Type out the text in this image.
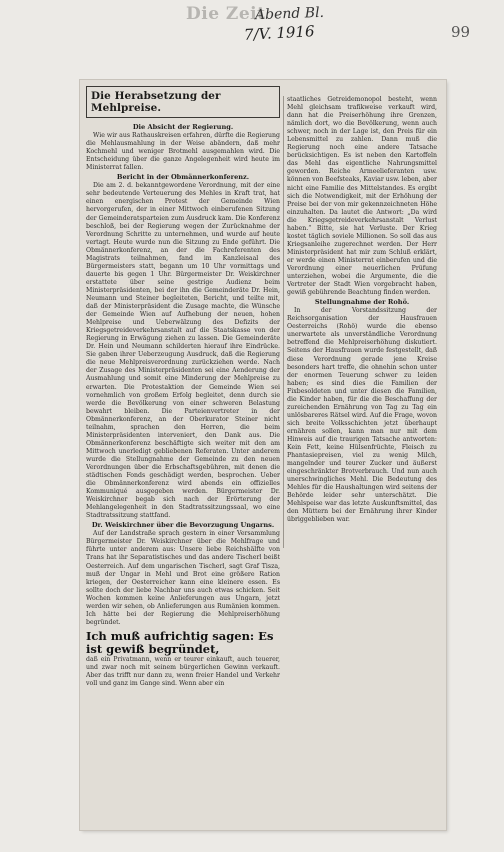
Die Zeit
Abend Bl.
7/V. 1916	99
Die Herabsetzung der Mehlpreise.
Die Absicht der Regierung.

Wie wir aus Rathauskreisen erfahren, dürfte die Regierung die Mehlausmahlung in der Weise abändern, daß mehr Kochmehl und weniger Brotmehl ausgemahlen wird. Die Entscheidung über die ganze Angelegenheit wird heute im Ministerrat fallen.

Bericht in der Obmännerkonferenz.

Die am 2. d. bekanntgewordene Verordnung, mit der eine sehr bedeutende Verteuerung des Mehles in Kraft trat, hat einen energischen Protest der Gemeinde Wien hervorgerufen, der in einer Mittwoch einberufenen Sitzung der Gemeinderatsparteien zum Ausdruck kam. Die Konferenz beschloß, bei der Regierung wegen der Zurücknahme der Verordnung Schritte zu unternehmen, und wurde auf heute vertagt. Heute wurde nun die Sitzung zu Ende geführt. Die Obmännerkonferenz, an der die Fachreferenten des Magistrats teilnahmen, fand im Kanzleisaal des Bürgermeisters statt, begann um 10 Uhr vormittags und dauerte bis gegen 1 Uhr. Bürgermeister Dr. Weiskirchner erstattete über seine gestrige Audienz beim Ministerpräsidenten, bei der ihn die Gemeinderäte Dr. Hein, Neumann und Steiner begleiteten, Bericht, und teilte mit, daß der Ministerpräsident die Zusage machte, die Wünsche der Gemeinde Wien auf Aufhebung der neuen, hohen Mehlpreise und Ueberwälzung des Defizits der Kriegsgetreideverkehrsanstalt auf die Staatskasse von der Regierung in Erwägung ziehen zu lassen. Die Gemeinderäte Dr. Hein und Neumann schilderten hierauf ihre Eindrücke. Sie gaben ihrer Ueberzeugung Ausdruck, daß die Regierung die neue Mehlpreisverordnung zurückziehen werde. Nach der Zusage des Ministerpräsidenten sei eine Aenderung der Ausmahlung und somit eine Minderung der Mehlpreise zu erwarten. Die Protestaktion der Gemeinde Wien sei vornehmlich von großem Erfolg begleitet, denn durch sie werde die Bevölkerung von einer schweren Belastung bewahrt bleiben. Die Parteienvertreter in der Obmännerkonferenz, an der Oberkurator Steiner nicht teilnahm, sprachen den Herren, die beim Ministerpräsidenten interveniert, den Dank aus. Die Obmännerkonferenz beschäftigte sich weiter mit den am Mittwoch unerledigt gebliebenen Referaten. Unter anderem wurde die Stellungnahme der Gemeinde zu den neuen Verordnungen über die Erbschaftsgebühren, mit denen die städtischen Fonds geschädigt werden, besprochen. Ueber die Obmännerkonferenz wird abends ein offizielles Kommuniqué ausgegeben werden. Bürgermeister Dr. Weiskirchner begab sich nach der Erörterung der Mehlangelegenheit in den Stadtratssitzungssaal, wo eine Stadtratssitzung stattfand.

Dr. Weiskirchner über die Bevorzugung Ungarns.

Auf der Landstraße sprach gestern in einer Versammlung Bürgermeister Dr. Weiskirchner über die Mehlfrage und führte unter anderem aus: Unsere liebe Reichshälfte von Trans hat ihr Separatistisches und das andere Tischerl beißt Oesterreich. Auf dem ungarischen Tischerl, sagt Graf Tisza, muß der Ungar in Mehl und Brot eine größere Ration kriegen, der Oesterreicher kann eine kleinere essen. Es sollte doch der liebe Nachbar uns auch etwas schicken. Seit Wochen kommen keine Anlieferungen aus Ungarn, jetzt werden wir sehen, ob Anlieferungen aus Rumänien kommen. Ich hätte bei der Regierung die Mehlpreiserhöhung begründet.

Ich muß aufrichtig sagen: Es ist gewiß begründet,

daß ein Privatmann, wenn er teurer einkauft, auch teuerer, und zwar noch mit seinem bürgerlichen Gewinn verkauft. Aber das trifft nur dann zu, wenn freier Handel und Verkehr voll und ganz im Gange sind. Wenn aber ein

staatliches Getreidemonopol besteht, wenn Mehl gleichsam trafikweise verkauft wird, dann hat die Preiserhöhung ihre Grenzen, nämlich dort, wo die Bevölkerung, wenn auch schwer, noch in der Lage ist, den Preis für ein Lebensmittel zu zahlen. Dann muß die Regierung noch eine andere Tatsache berücksichtigen. Es ist neben den Kartoffeln das Mehl das eigentliche Nahrungsmittel geworden. Reiche Armeelieferanten usw. können von Beefsteaks, Kaviar usw. leben, aber nicht eine Familie des Mittelstandes. Es ergibt sich die Notwendigkeit, mit der Erhöhung der Preise bei der von mir gekennzeichneten Höhe einzuhalten. Da lautet die Antwort: „Da wird die Kriegsgetreideverkehrsanstalt Verlust haben.“ Bitte, sie hat Verluste. Der Krieg kostet täglich soviele Millionen. So soll das aus Kriegsanleihe zugerechnet werden. Der Herr Ministerpräsident hat mir zum Schluß erklärt, er werde einen Ministerrat einberufen und die Verordnung einer neuerlichen Prüfung unterziehen, wobei die Argumente, die die Vertreter der Stadt Wien vorgebracht haben, gewiß gebührende Beachtung finden werden.

Stellungnahme der Rohö.

In der Vorstandssitzung der Reichsorganisation der Hausfrauen Oesterreichs (Rohö) wurde die ebenso unerwartete als unverständliche Verordnung betreffend die Mehlpreiserhöhung diskutiert. Seitens der Hausfrauen wurde festgestellt, daß diese Verordnung gerade jene Kreise besonders hart treffe, die ohnehin schon unter der enormen Teuerung schwer zu leiden haben; es sind dies die Familien der Fixbesoldeten und unter diesen die Familien, die Kinder haben, für die die Beschaffung der zureichenden Ernährung von Tag zu Tag ein unlösbareres Rätsel wird. Auf die Frage, wovon sich breite Volksschichten jetzt überhaupt ernähren sollen, kann man nur mit dem Hinweis auf die traurigen Tatsache antworten: Kein Fett, keine Hülsenfrüchte, Fleisch zu Phantasiepreisen, viel zu wenig Milch, mangelnder und teurer Zucker und äußerst eingeschränkter Brotverbrauch. Und nun auch unerschwingliches Mehl. Die Bedeutung des Mehles für die Haushaltungen wird seitens der Behörde leider sehr unterschätzt. Die Mehlspeise war das letzte Auskunftsmittel, das den Müttern bei der Ernährung ihrer Kinder übriggeblieben war.
